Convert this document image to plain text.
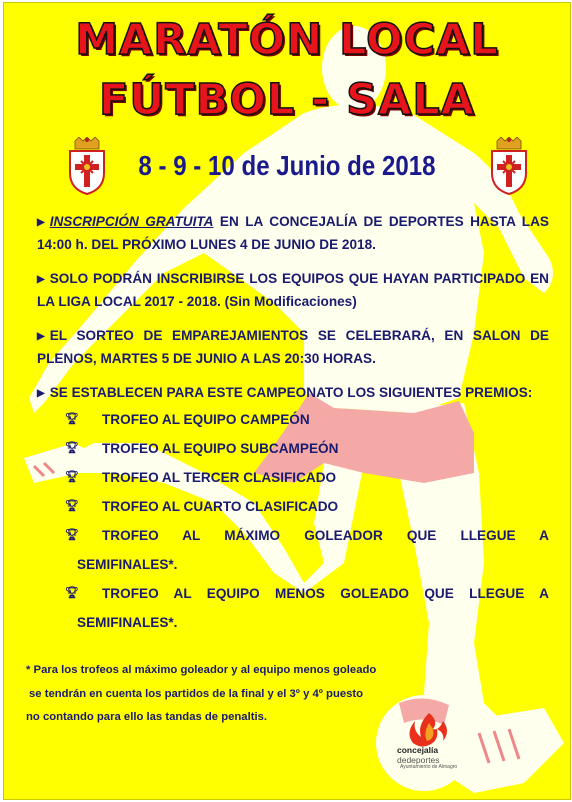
MARATÓN LOCAL
FÚTBOL - SALA
8 - 9 - 10 de Junio de 2018
▶ INSCRIPCIÓN GRATUITA EN LA CONCEJALÍA DE DEPORTES HASTA LAS 14:00 h. DEL PRÓXIMO LUNES 4 DE JUNIO DE 2018.
▶ SOLO PODRÁN INSCRIBIRSE LOS EQUIPOS QUE HAYAN PARTICIPADO EN LA LIGA LOCAL 2017 - 2018. (Sin Modificaciones)
▶ EL SORTEO DE EMPAREJAMIENTOS SE CELEBRARÁ, EN SALON DE PLENOS, MARTES 5 DE JUNIO A LAS 20:30 HORAS.
▶ SE ESTABLECEN PARA ESTE CAMPEONATO LOS SIGUIENTES PREMIOS:
🏆︎	TROFEO AL EQUIPO CAMPEÓN
🏆︎	TROFEO AL EQUIPO SUBCAMPEÓN
🏆︎	TROFEO AL TERCER CLASIFICADO
🏆︎	TROFEO AL CUARTO CLASIFICADO
🏆︎	TROFEO AL MÁXIMO GOLEADOR QUE LLEGUE A
SEMIFINALES*.
🏆︎	TROFEO AL EQUIPO MENOS GOLEADO QUE LLEGUE A
SEMIFINALES*.
* Para los trofeos al máximo goleador y al equipo menos goleado
se tendrán en cuenta los partidos de la final y el 3º y 4º puesto
no contando para ello las tandas de penaltis.
concejalía
dedeportes
Ayuntamiento de Almagro
